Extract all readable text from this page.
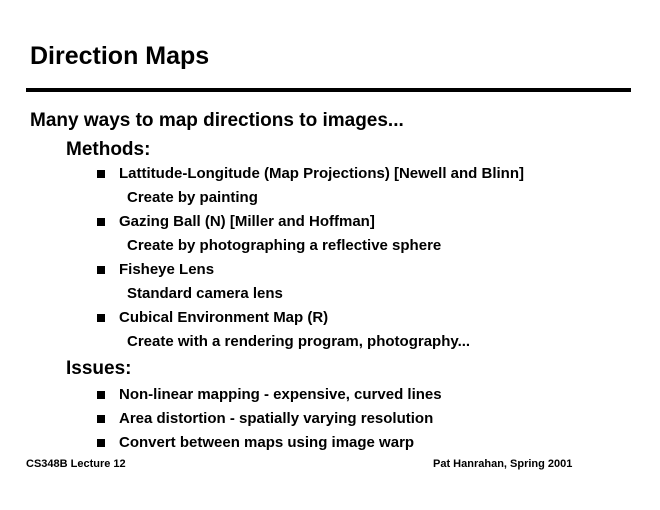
Direction Maps
Many ways to map directions to images...
Methods:
Lattitude-Longitude (Map Projections) [Newell and Blinn]
Create by painting
Gazing Ball (N) [Miller and Hoffman]
Create by photographing a reflective sphere
Fisheye Lens
Standard camera lens
Cubical Environment Map (R)
Create with a rendering program, photography...
Issues:
Non-linear mapping - expensive, curved lines
Area distortion - spatially varying resolution
Convert between maps using image warp
CS348B Lecture 12	Pat Hanrahan, Spring 2001
